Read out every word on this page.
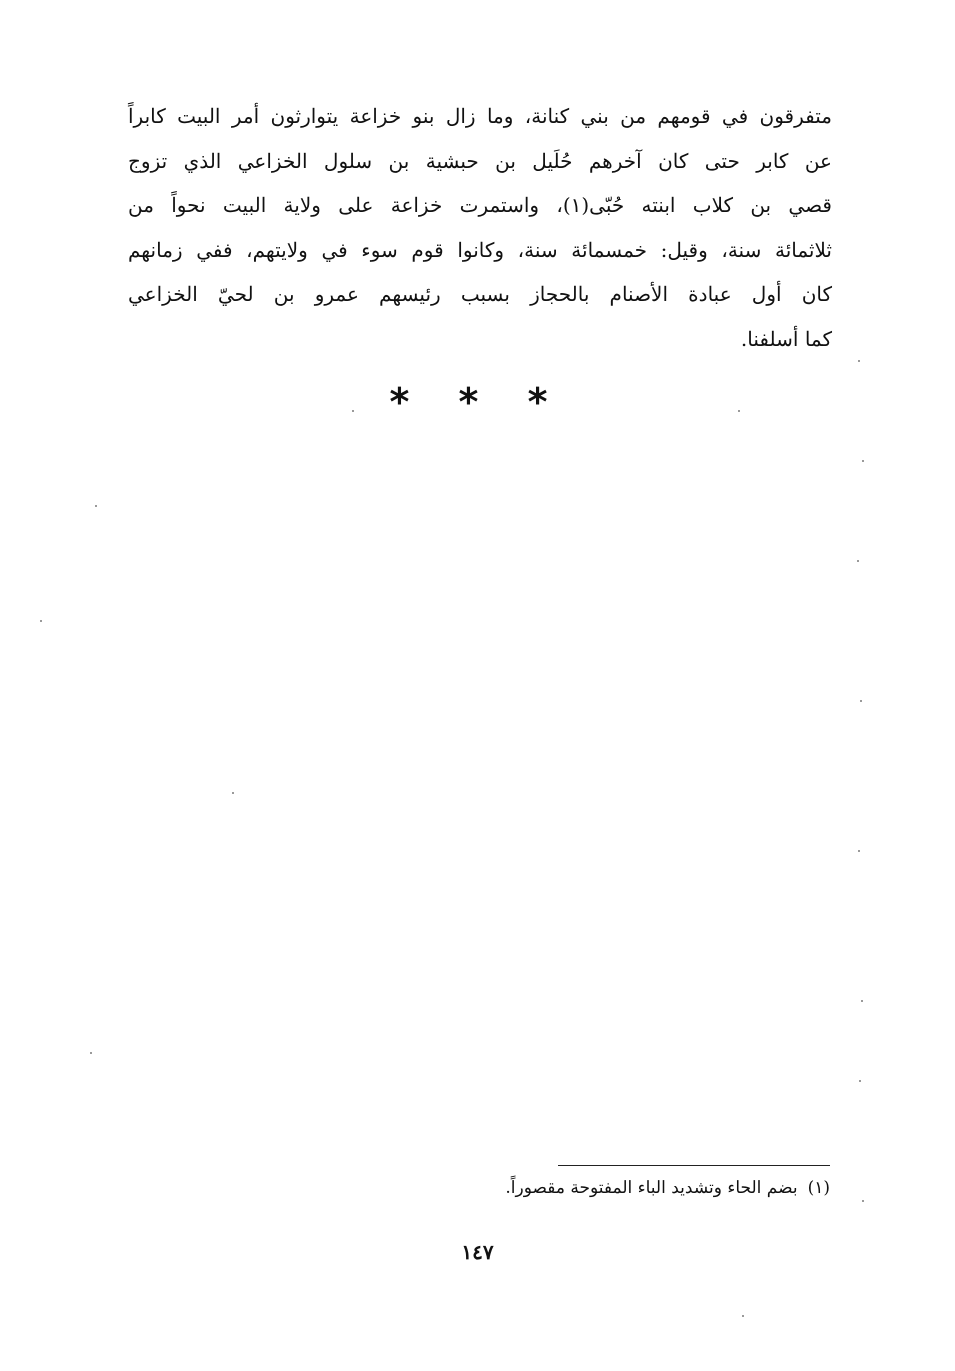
متفرقون في قومهم من بني كنانة، وما زال بنو خزاعة يتوارثون أمر البيت كابراً
عن كابر حتى كان آخرهم حُلَيل بن حبشية بن سلول الخزاعي الذي تزوج
قصي بن كلاب ابنته حُبّى(١)، واستمرت خزاعة على ولاية البيت نحواً من
ثلاثمائة سنة، وقيل: خمسمائة سنة، وكانوا قوم سوء في ولايتهم، ففي زمانهم
كان أول عبادة الأصنام بالحجاز بسبب رئيسهم عمرو بن لحيّ الخزاعي
كما أسلفنا.
* * *
(١)بضم الحاء وتشديد الباء المفتوحة مقصوراً.
١٤٧
